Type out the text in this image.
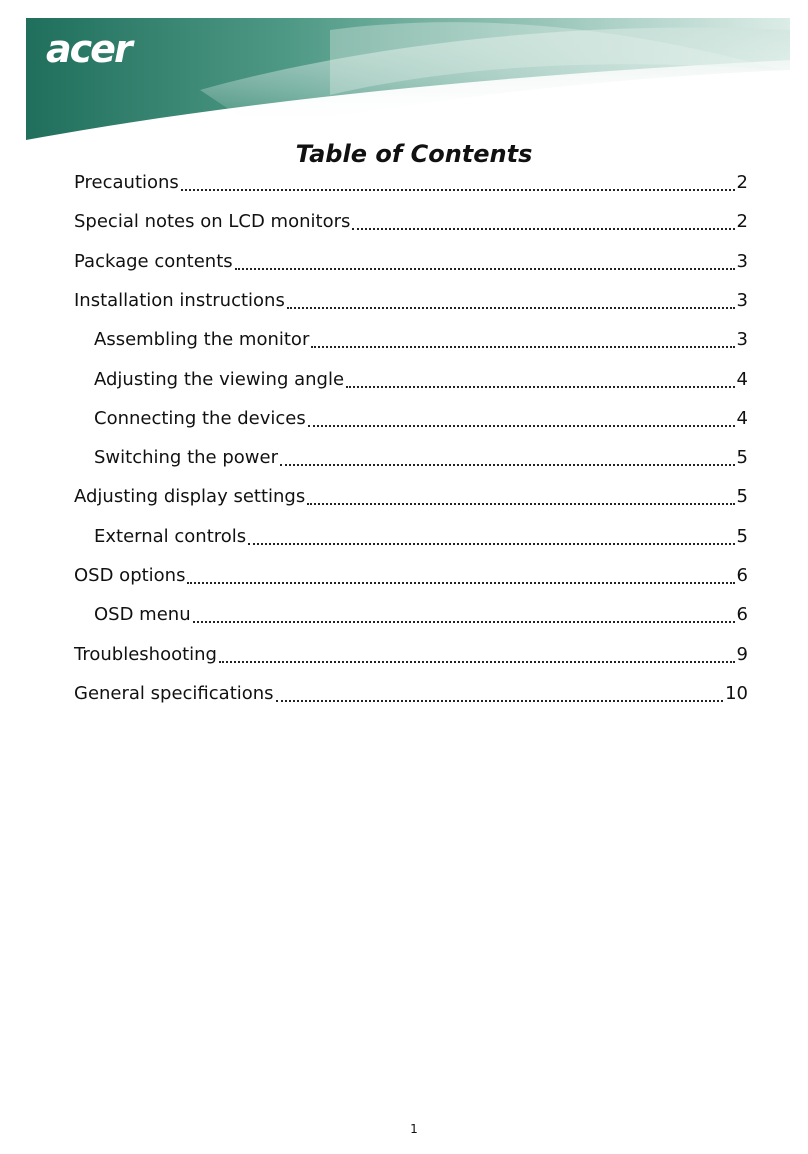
acer
Table of Contents
Precautions	2
Special notes on LCD monitors	2
Package contents	3
Installation instructions	3
Assembling the monitor	3
Adjusting the viewing angle	4
Connecting the devices	4
Switching the power	5
Adjusting display settings	5
External controls	5
OSD options	6
OSD menu	6
Troubleshooting	9
General specifications	10
1
